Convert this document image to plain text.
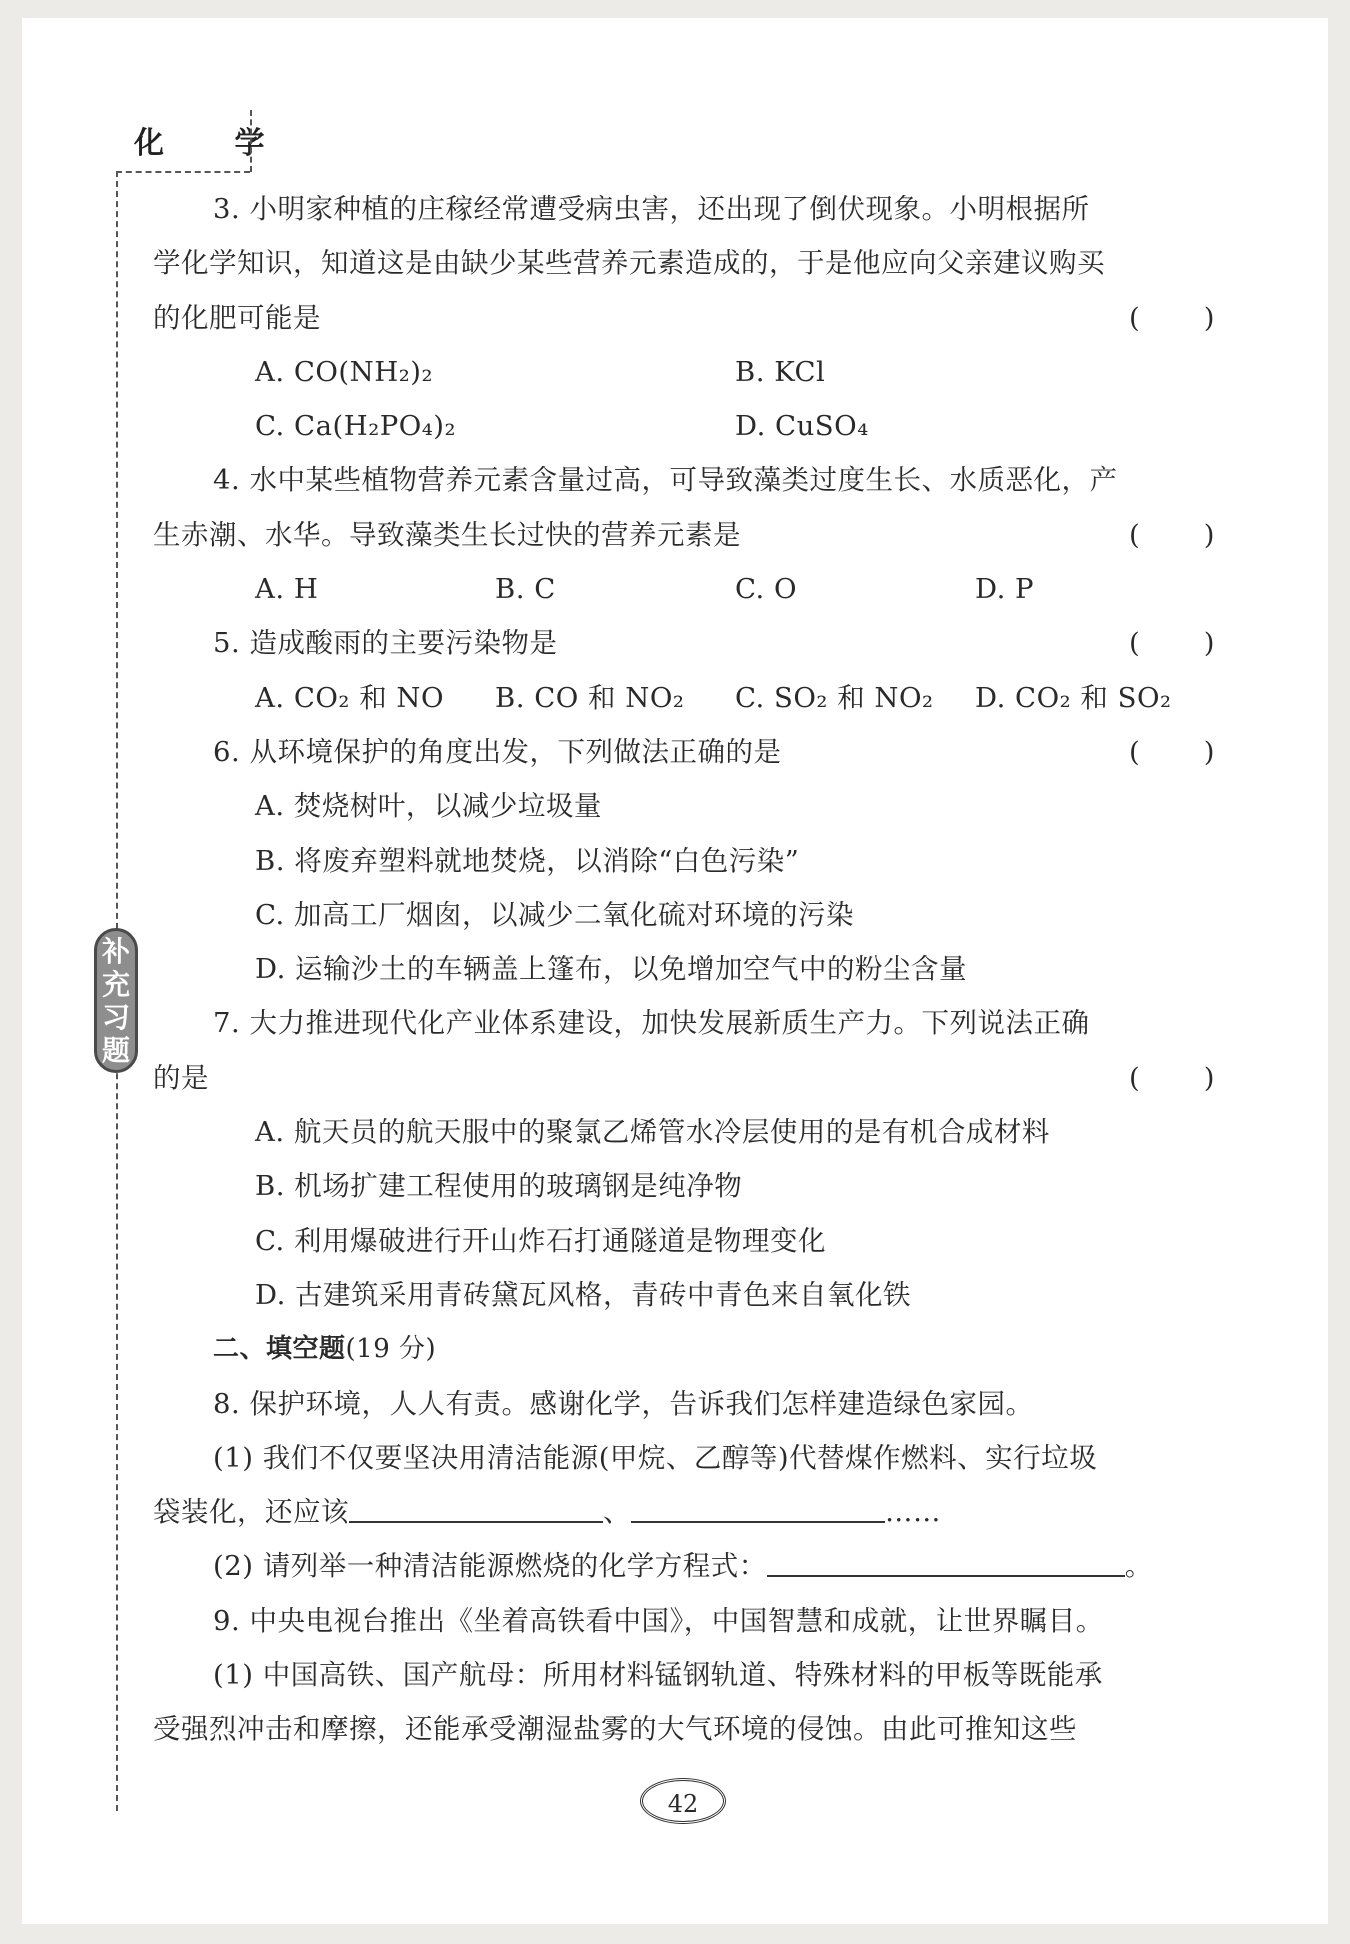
化 学
补
充
习
题
3. 小明家种植的庄稼经常遭受病虫害，还出现了倒伏现象。小明根据所
学化学知识，知道这是由缺少某些营养元素造成的，于是他应向父亲建议购买
的化肥可能是	( )
A. CO(NH₂)₂	B. KCl
C. Ca(H₂PO₄)₂	D. CuSO₄
4. 水中某些植物营养元素含量过高，可导致藻类过度生长、水质恶化，产
生赤潮、水华。导致藻类生长过快的营养元素是	( )
A. H	B. C	C. O	D. P
5. 造成酸雨的主要污染物是	( )
A. CO₂ 和 NO	B. CO 和 NO₂	C. SO₂ 和 NO₂	D. CO₂ 和 SO₂
6. 从环境保护的角度出发，下列做法正确的是	( )
A. 焚烧树叶，以减少垃圾量
B. 将废弃塑料就地焚烧，以消除“白色污染”
C. 加高工厂烟囱，以减少二氧化硫对环境的污染
D. 运输沙土的车辆盖上篷布，以免增加空气中的粉尘含量
7. 大力推进现代化产业体系建设，加快发展新质生产力。下列说法正确
的是	( )
A. 航天员的航天服中的聚氯乙烯管水冷层使用的是有机合成材料
B. 机场扩建工程使用的玻璃钢是纯净物
C. 利用爆破进行开山炸石打通隧道是物理变化
D. 古建筑采用青砖黛瓦风格，青砖中青色来自氧化铁
二、填空题(19 分)
8. 保护环境，人人有责。感谢化学，告诉我们怎样建造绿色家园。
(1) 我们不仅要坚决用清洁能源(甲烷、乙醇等)代替煤作燃料、实行垃圾
袋装化，还应该	、	……
(2) 请列举一种清洁能源燃烧的化学方程式：	。
9. 中央电视台推出《坐着高铁看中国》，中国智慧和成就，让世界瞩目。
(1) 中国高铁、国产航母：所用材料锰钢轨道、特殊材料的甲板等既能承
受强烈冲击和摩擦，还能承受潮湿盐雾的大气环境的侵蚀。由此可推知这些
42
